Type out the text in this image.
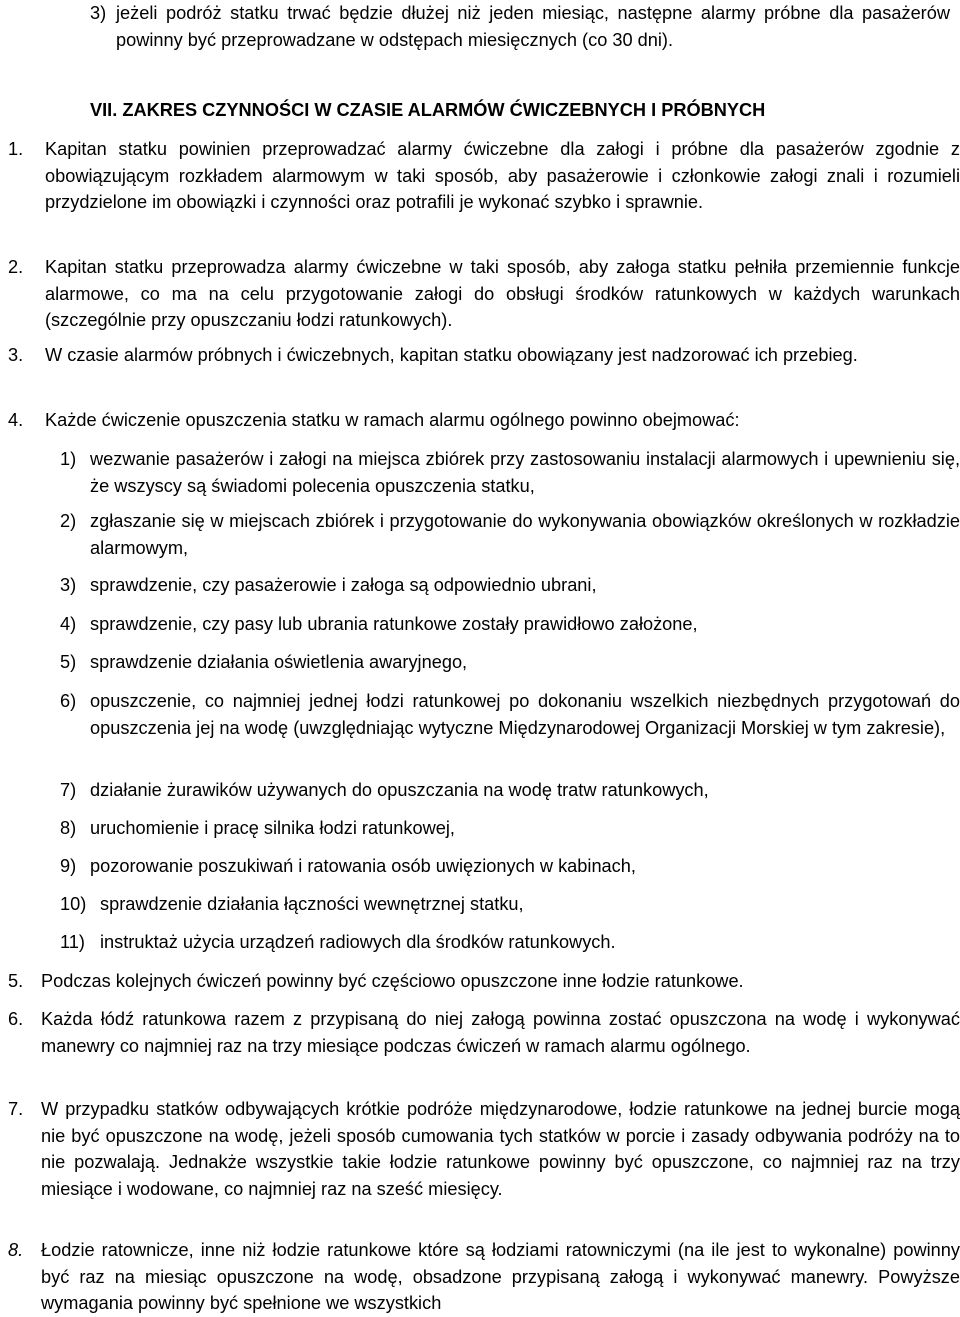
3) jeżeli podróż statku trwać będzie dłużej niż jeden miesiąc, następne alarmy próbne dla pasażerów powinny być przeprowadzane w odstępach miesięcznych (co 30 dni).
VII. ZAKRES CZYNNOŚCI W CZASIE ALARMÓW ĆWICZEBNYCH I PRÓBNYCH
1. Kapitan statku powinien przeprowadzać alarmy ćwiczebne dla załogi i próbne dla pasażerów zgodnie z obowiązującym rozkładem alarmowym w taki sposób, aby pasażerowie i członkowie załogi znali i rozumieli przydzielone im obowiązki i czynności oraz potrafili je wykonać szybko i sprawnie.
2. Kapitan statku przeprowadza alarmy ćwiczebne w taki sposób, aby załoga statku pełniła przemiennie funkcje alarmowe, co ma na celu przygotowanie załogi do obsługi środków ratunkowych w każdych warunkach (szczególnie przy opuszczaniu łodzi ratunkowych).
3. W czasie alarmów próbnych i ćwiczebnych, kapitan statku obowiązany jest nadzorować ich przebieg.
4. Każde ćwiczenie opuszczenia statku w ramach alarmu ogólnego powinno obejmować:
1) wezwanie pasażerów i załogi na miejsca zbiórek przy zastosowaniu instalacji alarmowych i upewnieniu się, że wszyscy są świadomi polecenia opuszczenia statku,
2) zgłaszanie się w miejscach zbiórek i przygotowanie do wykonywania obowiązków określonych w rozkładzie alarmowym,
3) sprawdzenie, czy pasażerowie i załoga są odpowiednio ubrani,
4) sprawdzenie, czy pasy lub ubrania ratunkowe zostały prawidłowo założone,
5) sprawdzenie działania oświetlenia awaryjnego,
6) opuszczenie, co najmniej jednej łodzi ratunkowej po dokonaniu wszelkich niezbędnych przygotowań do opuszczenia jej na wodę (uwzględniając wytyczne Międzynarodowej Organizacji Morskiej w tym zakresie),
7) działanie żurawików używanych do opuszczania na wodę tratw ratunkowych,
8) uruchomienie i pracę silnika łodzi ratunkowej,
9) pozorowanie poszukiwań i ratowania osób uwięzionych w kabinach,
10) sprawdzenie działania łączności wewnętrznej statku,
11) instruktaż użycia urządzeń radiowych dla środków ratunkowych.
5. Podczas kolejnych ćwiczeń powinny być częściowo opuszczone inne łodzie ratunkowe.
6. Każda łódź ratunkowa razem z przypisaną do niej załogą powinna zostać opuszczona na wodę i wykonywać manewry co najmniej raz na trzy miesiące podczas ćwiczeń w ramach alarmu ogólnego.
7. W przypadku statków odbywających krótkie podróże międzynarodowe, łodzie ratunkowe na jednej burcie mogą nie być opuszczone na wodę, jeżeli sposób cumowania tych statków w porcie i zasady odbywania podróży na to nie pozwalają. Jednakże wszystkie takie łodzie ratunkowe powinny być opuszczone, co najmniej raz na trzy miesiące i wodowane, co najmniej raz na sześć miesięcy.
8. Łodzie ratownicze, inne niż łodzie ratunkowe które są łodziami ratowniczymi (na ile jest to wykonalne) powinny być raz na miesiąc opuszczone na wodę, obsadzone przypisaną załogą i wykonywać manewry. Powyższe wymagania powinny być spełnione we wszystkich
